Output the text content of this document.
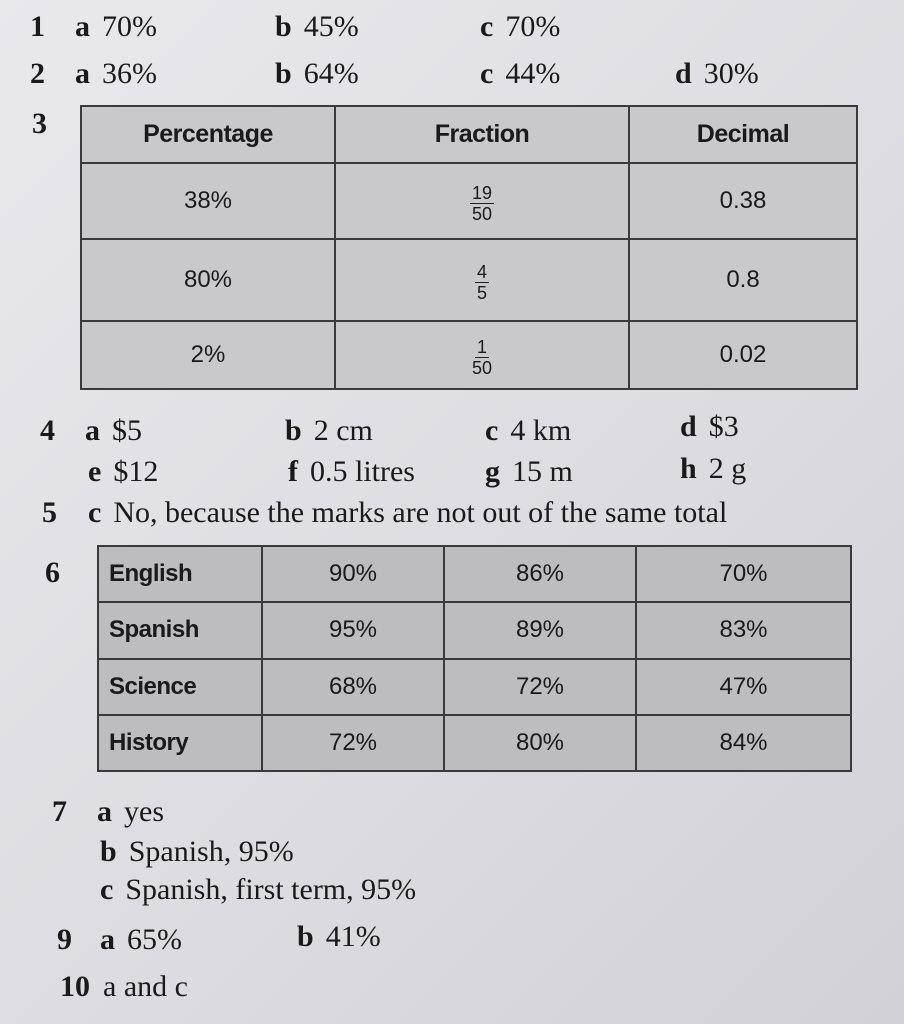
1 a 70%	b 45%	c 70%
2 a 36%	b 64%	c 44%	d 30%
3	Percentage	Fraction	Decimal
38%	$\frac{19}{50}$	0.38
80%	$\frac{4}{5}$	0.8
2%	$\frac{1}{50}$	0.02
4 a $5	b 2 cm	c 4 km	d $3
e $12	f 0.5 litres g 15 m	h 2 g
5 c No, because the marks are not out of the same total
6 English	90%	86%	70%
Spanish	95%	89%	83%
Science	68%	72%	47%
History	72%	80%	84%
7 a yes
b Spanish, 95%
c Spanish, first term, 95%
9 a 65%	b 41%
10 a and c
